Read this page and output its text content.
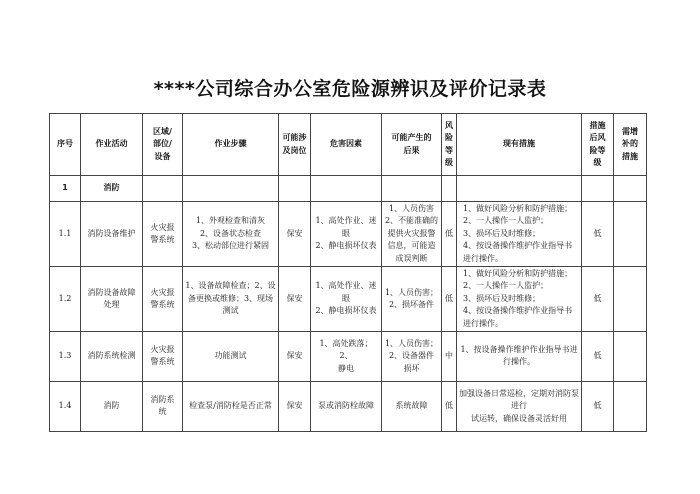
****公司综合办公室危险源辨识及评价记录表
序号	作业活动	区域/
部位/
设备	作业步骤	可能涉
及岗位	危害因素	可能产生的
后果	风
险
等
级	现有措施	措施
后风
险等
级	需增
补的
措施
1	消防									
1.1	消防设备维护	火灾报
警系统	1、外观检查和清灰
2、设备状态检查
3、松动部位进行紧固	保安	1、高处作业、迷眼
2、静电损坏仪表	1、人员伤害
2、不能准确的
提供火灾报警
信息，可能造
成误判断	低	1、做好风险分析和防护措施；
2、一人操作一人监护；
3、损坏后及时维修；
4、按设备操作维护作业指导书进行操作。	低	
1.2	消防设备故障
处理	火灾报
警系统	1、设备故障检查；2、设
备更换或维修；3、现场
测试	保安	1、高处作业、迷眼
2、静电损坏仪表	1、人员伤害；
2、损坏备件	低	1、做好风险分析和防护措施；
2、一人操作一人监护；
3、损坏后及时维修；
4、按设备操作维护作业指导书进行操作。	低	
1.3	消防系统检测	火灾报
警系统	功能测试	保安	1、高处跌落；2、
静电	1、人员伤害；
2、设备器件
损坏	中	1、按设备操作维护作业指导书进行操作。	低	
1.4	消防	消防系
统	检查泵/消防栓是否正常	保安	泵或消防栓故障	系统故障	低	加强设备日常巡检，定期对消防泵进行
试运转，确保设备灵活好用	低	
